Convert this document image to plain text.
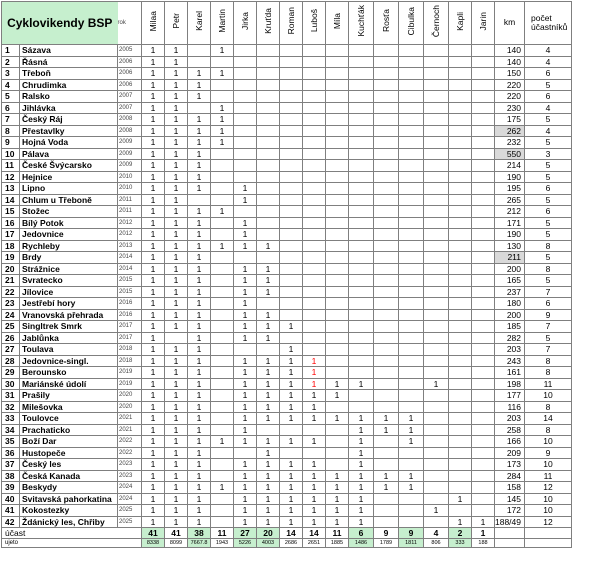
Cyklovikendy BSP		rok	Milaa	Petr	Karel	Martin	Jirka	Kruťda	Roman	Luboš	Míla	Kuchťák	Rosťa	Cibulka	Černoch	Kapli	Jarin	km	počet účastníků
1	Sázava	2005	1	1		1												140	4
2	Řásná	2006	1	1														140	4
3	Třeboň	2006	1	1	1	1												150	6
4	Chrudimka	2006	1	1	1													220	5
5	Ralsko	2007	1	1	1													220	6
6	Jihlávka	2007	1	1		1												230	4
7	Český Ráj	2008	1	1	1	1												175	5
8	Přestavlky	2008	1	1	1	1												262	4
9	Hojná Voda	2009	1	1	1	1												232	5
10	Pálava	2009	1	1	1													550	3
11	České Švýcarsko	2009	1	1	1													214	5
12	Hejnice	2010	1	1	1													190	5
13	Lipno	2010	1	1	1		1											195	6
14	Chlum u Třeboně	2011	1	1			1											265	5
15	Stožec	2011	1	1	1	1												212	6
16	Bílý Potok	2012	1	1	1		1											171	5
17	Jedovnice	2012	1	1	1		1											190	5
18	Rychleby	2013	1	1	1	1	1	1										130	8
19	Brdy	2014	1	1	1													211	5
20	Strážnice	2014	1	1	1		1	1										200	8
21	Svratecko	2015	1	1	1		1	1										165	5
22	Jílovice	2015	1	1	1		1	1										237	7
23	Jestřebí hory	2016	1	1	1		1											180	6
24	Vranovská přehrada	2016	1	1	1		1	1										200	9
25	Singltrek Smrk	2017	1	1	1		1	1	1									185	7
26	Jablůnka	2017	1		1		1	1										282	5
27	Toulava	2018	1	1	1				1									203	7
28	Jedovnice-singl.	2018	1	1	1		1	1	1	1								243	8
29	Berounsko	2019	1	1	1		1	1	1	1								161	8
30	Mariánské údolí	2019	1	1	1		1	1	1	1	1	1			1			198	11
31	Prašily	2020	1	1	1		1	1	1	1	1							177	10
32	Milešovka	2020	1	1	1		1	1	1	1								116	8
33	Toulovce	2021	1	1	1		1	1	1	1	1	1	1	1				203	14
34	Prachaticko	2021	1	1	1		1					1	1	1				258	8
35	Boží Dar	2022	1	1	1	1	1	1	1	1		1		1				166	10
36	Hustopeče	2022	1	1	1			1				1						209	9
37	Český les	2023	1	1	1		1	1	1	1		1						173	10
38	Česká Kanada	2023	1	1	1		1	1	1	1	1	1	1	1				284	11
39	Beskydy	2024	1	1	1	1	1	1	1	1	1	1	1	1				158	12
40	Svitavská pahorkatina	2024	1	1	1		1	1	1	1	1	1				1		145	10
41	Kokostezky	2025	1	1	1		1	1	1	1	1	1			1			172	10
42	Ždánický les, Chřiby	2025	1	1	1		1	1	1	1	1	1				1	1	188/49	12
účast			41	41	38	11	27	20	14	14	11	6	9	9	4	2	1		
ujeto			8338	8099	7667.8	1943	5226	4003	2686	2651	1885	1486	1789	1811	806	333	188		
